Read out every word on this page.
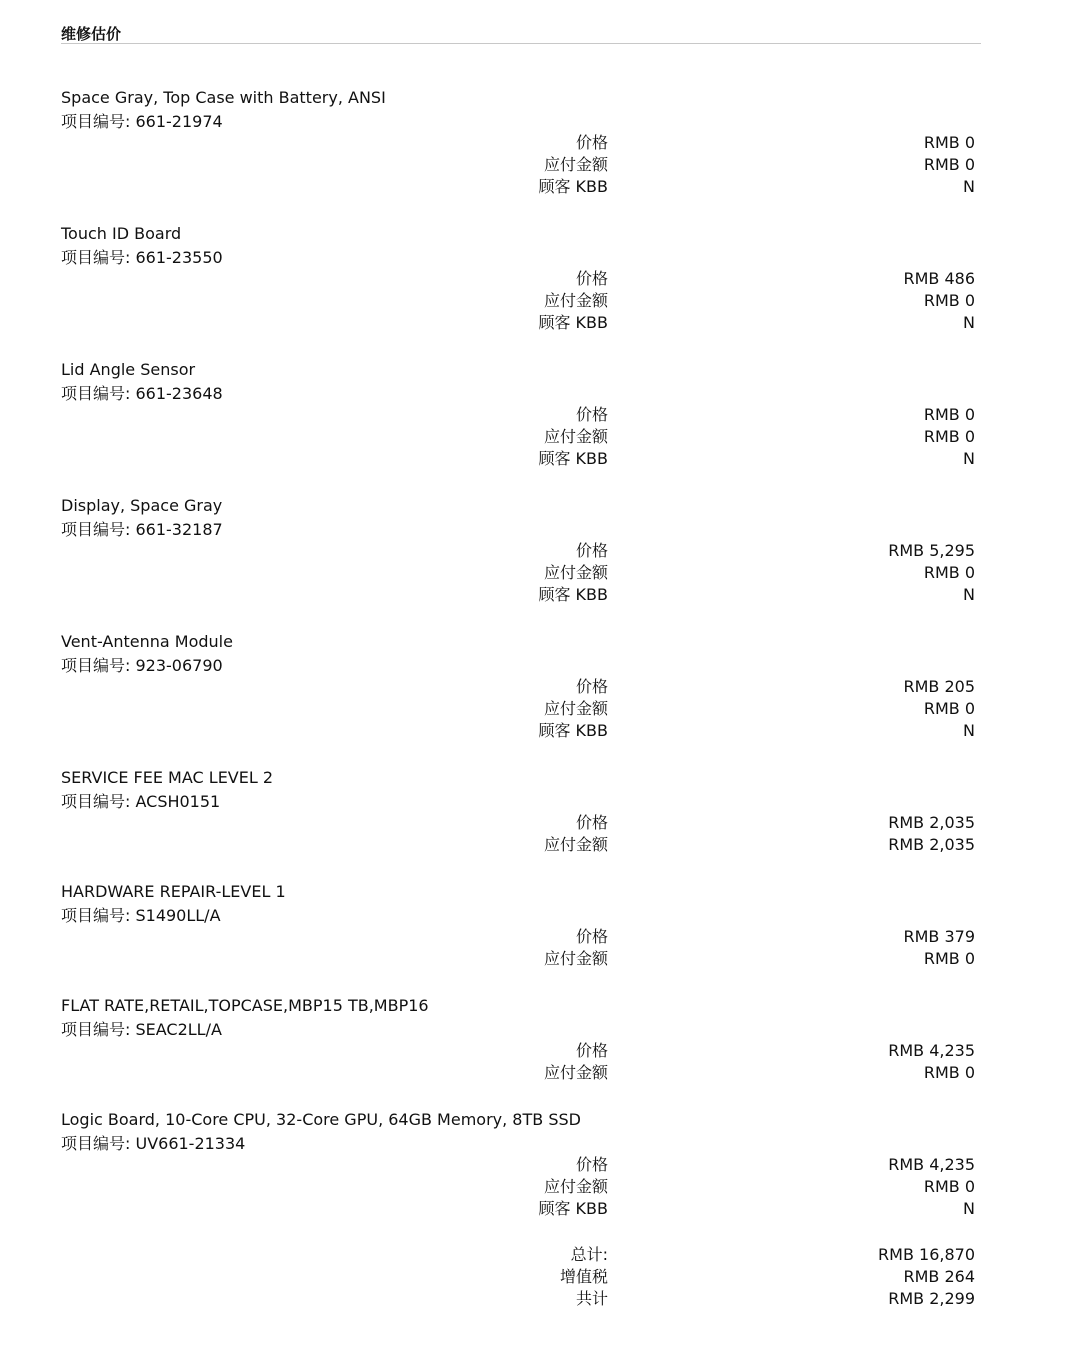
维修估价
Space Gray, Top Case with Battery, ANSI
项目编号: 661-21974
价格	RMB 0
应付金额	RMB 0
顾客 KBB	N
Touch ID Board
项目编号: 661-23550
价格	RMB 486
应付金额	RMB 0
顾客 KBB	N
Lid Angle Sensor
项目编号: 661-23648
价格	RMB 0
应付金额	RMB 0
顾客 KBB	N
Display, Space Gray
项目编号: 661-32187
价格	RMB 5,295
应付金额	RMB 0
顾客 KBB	N
Vent-Antenna Module
项目编号: 923-06790
价格	RMB 205
应付金额	RMB 0
顾客 KBB	N
SERVICE FEE MAC LEVEL 2
项目编号: ACSH0151
价格	RMB 2,035
应付金额	RMB 2,035
HARDWARE REPAIR-LEVEL 1
项目编号: S1490LL/A
价格	RMB 379
应付金额	RMB 0
FLAT RATE,RETAIL,TOPCASE,MBP15 TB,MBP16
项目编号: SEAC2LL/A
价格	RMB 4,235
应付金额	RMB 0
Logic Board, 10-Core CPU, 32-Core GPU, 64GB Memory, 8TB SSD
项目编号: UV661-21334
价格	RMB 4,235
应付金额	RMB 0
顾客 KBB	N
总计:	RMB 16,870
增值税	RMB 264
共计	RMB 2,299
